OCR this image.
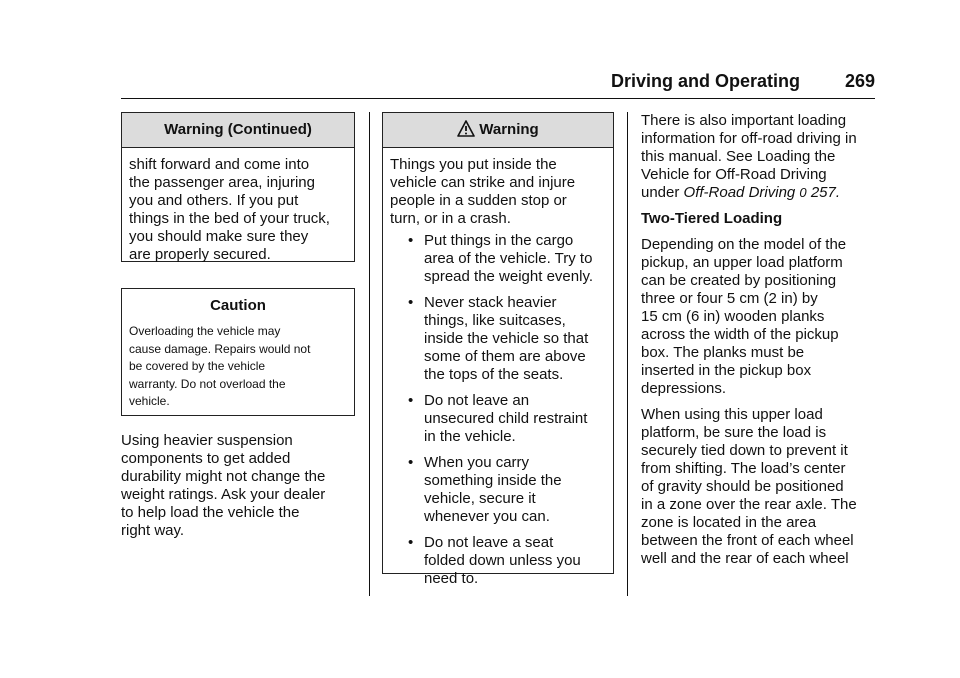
Driving and Operating 269
Warning (Continued)
shift forward and come into
the passenger area, injuring
you and others. If you put
things in the bed of your truck,
you should make sure they
are properly secured.
Caution
Overloading the vehicle may
cause damage. Repairs would not
be covered by the vehicle
warranty. Do not overload the
vehicle.
Using heavier suspension
components to get added
durability might not change the
weight ratings. Ask your dealer
to help load the vehicle the
right way.
Warning
Things you put inside the
vehicle can strike and injure
people in a sudden stop or
turn, or in a crash.
• Put things in the cargo
area of the vehicle. Try to
spread the weight evenly.
• Never stack heavier
things, like suitcases,
inside the vehicle so that
some of them are above
the tops of the seats.
• Do not leave an
unsecured child restraint
in the vehicle.
• When you carry
something inside the
vehicle, secure it
whenever you can.
• Do not leave a seat
folded down unless you
need to.

There is also important loading
information for off-road driving in
this manual. See Loading the
Vehicle for Off-Road Driving
under Off-Road Driving 0 257.

Two-Tiered Loading

Depending on the model of the
pickup, an upper load platform
can be created by positioning
three or four 5 cm (2 in) by
15 cm (6 in) wooden planks
across the width of the pickup
box. The planks must be
inserted in the pickup box
depressions.

When using this upper load
platform, be sure the load is
securely tied down to prevent it
from shifting. The load’s center
of gravity should be positioned
in a zone over the rear axle. The
zone is located in the area
between the front of each wheel
well and the rear of each wheel
